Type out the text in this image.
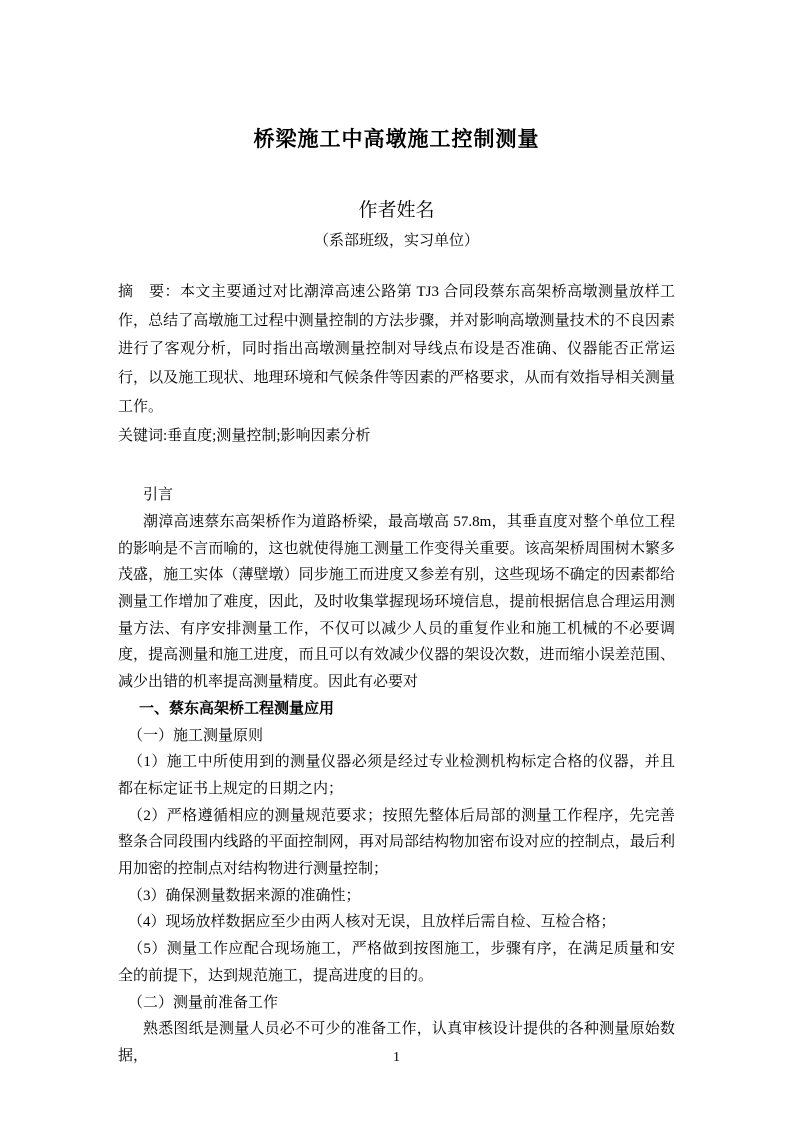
桥梁施工中高墩施工控制测量
作者姓名
（系部班级，实习单位）

摘　要：本文主要通过对比潮漳高速公路第 TJ3 合同段蔡东高架桥高墩测量放样工作，总结了高墩施工过程中测量控制的方法步骤，并对影响高墩测量技术的不良因素进行了客观分析，同时指出高墩测量控制对导线点布设是否准确、仪器能否正常运行，以及施工现状、地理环境和气候条件等因素的严格要求，从而有效指导相关测量工作。

关键词:垂直度;测量控制;影响因素分析

引言

潮漳高速蔡东高架桥作为道路桥梁，最高墩高 57.8m，其垂直度对整个单位工程的影响是不言而喻的，这也就使得施工测量工作变得关重要。该高架桥周围树木繁多茂盛，施工实体（薄壁墩）同步施工而进度又参差有别，这些现场不确定的因素都给测量工作增加了难度，因此，及时收集掌握现场环境信息，提前根据信息合理运用测量方法、有序安排测量工作，不仅可以减少人员的重复作业和施工机械的不必要调度，提高测量和施工进度，而且可以有效减少仪器的架设次数，进而缩小误差范围、减少出错的机率提高测量精度。因此有必要对

一、蔡东高架桥工程测量应用

（一）施工测量原则

（1）施工中所使用到的测量仪器必须是经过专业检测机构标定合格的仪器，并且都在标定证书上规定的日期之内；

（2）严格遵循相应的测量规范要求；按照先整体后局部的测量工作程序，先完善整条合同段围内线路的平面控制网，再对局部结构物加密布设对应的控制点，最后利用加密的控制点对结构物进行测量控制；

（3）确保测量数据来源的准确性；

（4）现场放样数据应至少由两人核对无误，且放样后需自检、互检合格；

（5）测量工作应配合现场施工，严格做到按图施工，步骤有序，在满足质量和安全的前提下，达到规范施工，提高进度的目的。

（二）测量前准备工作

熟悉图纸是测量人员必不可少的准备工作，认真审核设计提供的各种测量原始数据，	1
